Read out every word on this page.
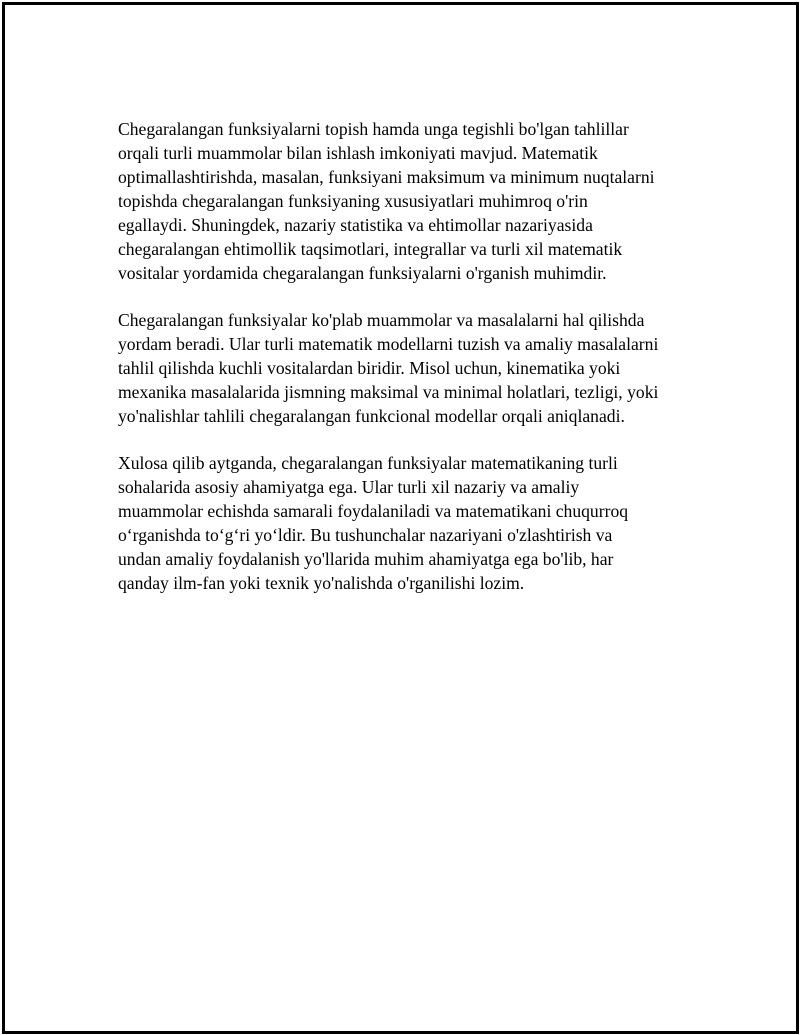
Chegaralangan funksiyalarni topish hamda unga tegishli bo'lgan tahlillar
orqali turli muammolar bilan ishlash imkoniyati mavjud. Matematik
optimallashtirishda, masalan, funksiyani maksimum va minimum nuqtalarni
topishda chegaralangan funksiyaning xususiyatlari muhimroq o'rin
egallaydi. Shuningdek, nazariy statistika va ehtimollar nazariyasida
chegaralangan ehtimollik taqsimotlari, integrallar va turli xil matematik
vositalar yordamida chegaralangan funksiyalarni o'rganish muhimdir.

Chegaralangan funksiyalar ko'plab muammolar va masalalarni hal qilishda
yordam beradi. Ular turli matematik modellarni tuzish va amaliy masalalarni
tahlil qilishda kuchli vositalardan biridir. Misol uchun, kinematika yoki
mexanika masalalarida jismning maksimal va minimal holatlari, tezligi, yoki
yo'nalishlar tahlili chegaralangan funkcional modellar orqali aniqlanadi.

Xulosa qilib aytganda, chegaralangan funksiyalar matematikaning turli
sohalarida asosiy ahamiyatga ega. Ular turli xil nazariy va amaliy
muammolar echishda samarali foydalaniladi va matematikani chuqurroq
o‘rganishda to‘g‘ri yo‘ldir. Bu tushunchalar nazariyani o'zlashtirish va
undan amaliy foydalanish yo'llarida muhim ahamiyatga ega bo'lib, har
qanday ilm-fan yoki texnik yo'nalishda o'rganilishi lozim.
